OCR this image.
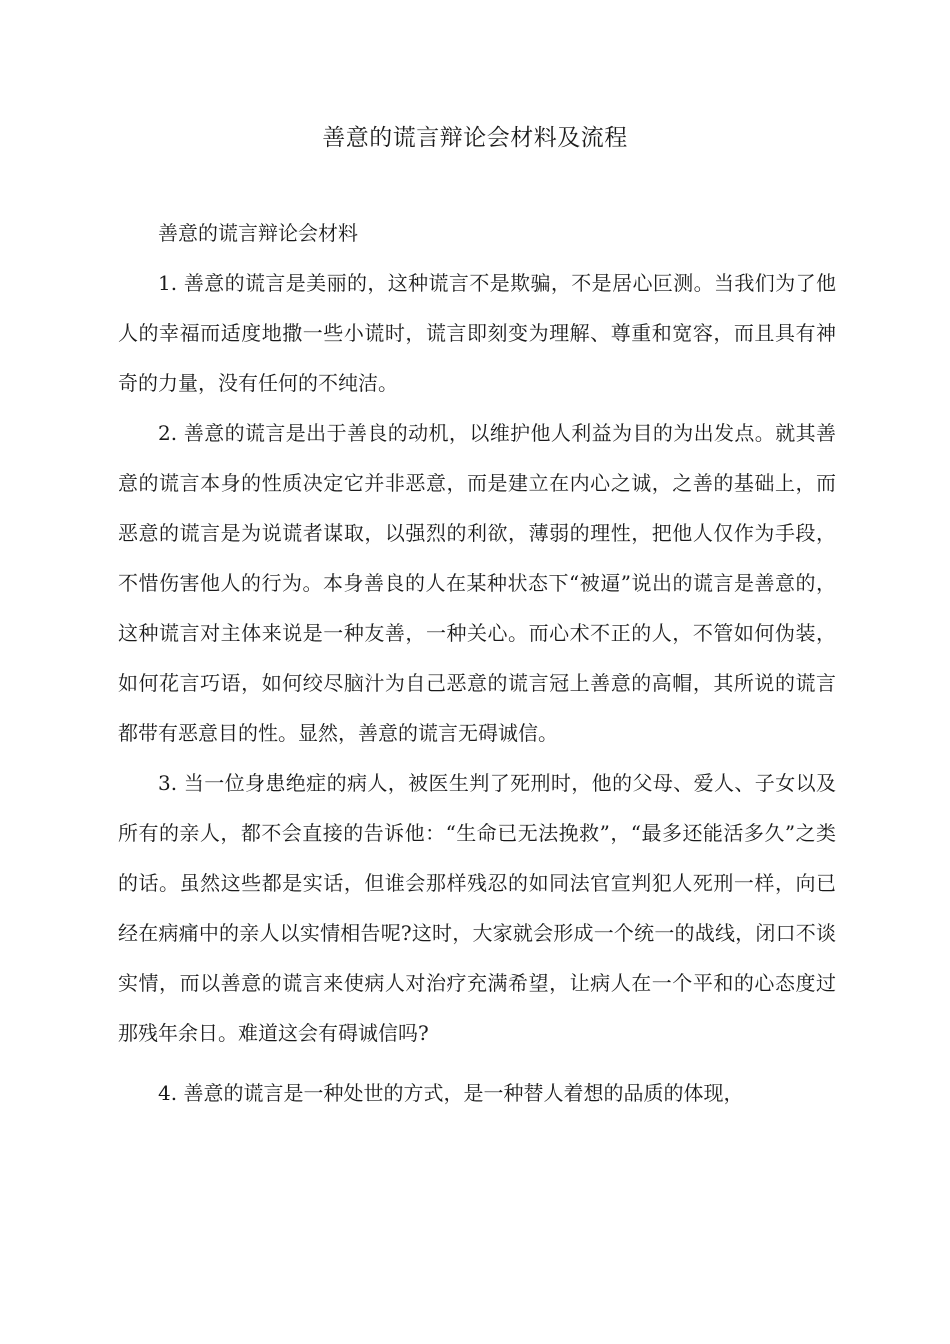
善意的谎言辩论会材料及流程

善意的谎言辩论会材料

1. 善意的谎言是美丽的，这种谎言不是欺骗，不是居心叵测。当我们为了他人的幸福而适度地撒一些小谎时，谎言即刻变为理解、尊重和宽容，而且具有神奇的力量，没有任何的不纯洁。

2. 善意的谎言是出于善良的动机，以维护他人利益为目的为出发点。就其善意的谎言本身的性质决定它并非恶意，而是建立在内心之诚，之善的基础上，而恶意的谎言是为说谎者谋取，以强烈的利欲，薄弱的理性，把他人仅作为手段，不惜伤害他人的行为。本身善良的人在某种状态下“被逼”说出的谎言是善意的，这种谎言对主体来说是一种友善，一种关心。而心术不正的人，不管如何伪装，如何花言巧语，如何绞尽脑汁为自己恶意的谎言冠上善意的高帽，其所说的谎言都带有恶意目的性。显然，善意的谎言无碍诚信。

3. 当一位身患绝症的病人，被医生判了死刑时，他的父母、爱人、子女以及所有的亲人，都不会直接的告诉他：“生命已无法挽救”，“最多还能活多久”之类的话。虽然这些都是实话，但谁会那样残忍的如同法官宣判犯人死刑一样，向已经在病痛中的亲人以实情相告呢?这时，大家就会形成一个统一的战线，闭口不谈实情，而以善意的谎言来使病人对治疗充满希望，让病人在一个平和的心态度过那残年余日。难道这会有碍诚信吗?

4. 善意的谎言是一种处世的方式，是一种替人着想的品质的体现，
